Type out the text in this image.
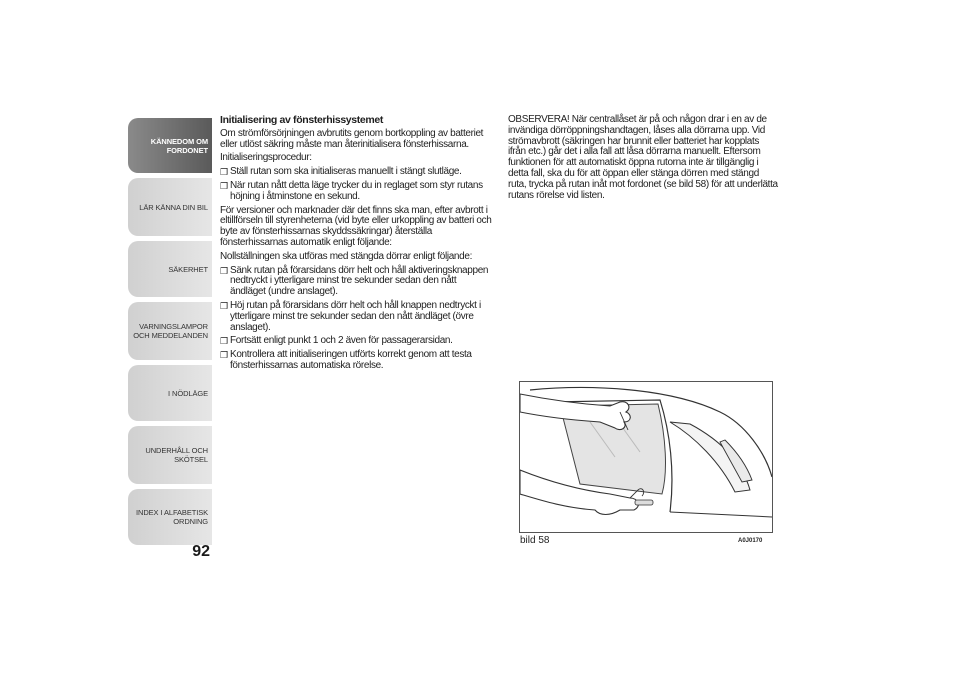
KÄNNEDOM OM
FORDONET
LÄR KÄNNA DIN BIL
SÄKERHET
VARNINGSLAMPOR
OCH MEDDELANDEN
I NÖDLÄGE
UNDERHÅLL OCH
SKÖTSEL
INDEX I ALFABETISK
ORDNING
92

Initialisering av fönsterhissystemet

Om strömförsörjningen avbrutits genom bortkoppling av batteriet eller utlöst säkring måste man återinitialisera fönsterhissarna.

Initialiseringsprocedur:

❒ Ställ rutan som ska initialiseras manuellt i stängt slutläge.
❒ När rutan nått detta läge trycker du in reglaget som styr rutans höjning i åtminstone en sekund.

För versioner och marknader där det finns ska man, efter avbrott i eltillförseln till styrenheterna (vid byte eller urkoppling av batteri och byte av fönsterhissarnas skyddssäkringar) återställa fönsterhissarnas automatik enligt följande:

Nollställningen ska utföras med stängda dörrar enligt följande:

❒ Sänk rutan på förarsidans dörr helt och håll aktiveringsknappen nedtryckt i ytterligare minst tre sekunder sedan den nått ändläget (undre anslaget).
❒ Höj rutan på förarsidans dörr helt och håll knappen nedtryckt i ytterligare minst tre sekunder sedan den nått ändläget (övre anslaget).
❒ Fortsätt enligt punkt 1 och 2 även för passagerarsidan.
❒ Kontrollera att initialiseringen utförts korrekt genom att testa fönsterhissarnas automatiska rörelse.

OBSERVERA! När centrallåset är på och någon drar i en av de invändiga dörröppningshandtagen, låses alla dörrarna upp. Vid strömavbrott (säkringen har brunnit eller batteriet har kopplats ifrån etc.) går det i alla fall att låsa dörrarna manuellt. Eftersom funktionen för att automatiskt öppna rutorna inte är tillgänglig i detta fall, ska du för att öppan eller stänga dörren med stängd ruta, trycka på rutan inåt mot fordonet (se bild 58) för att underlätta rutans rörelse vid listen.

bild 58	A0J0170
